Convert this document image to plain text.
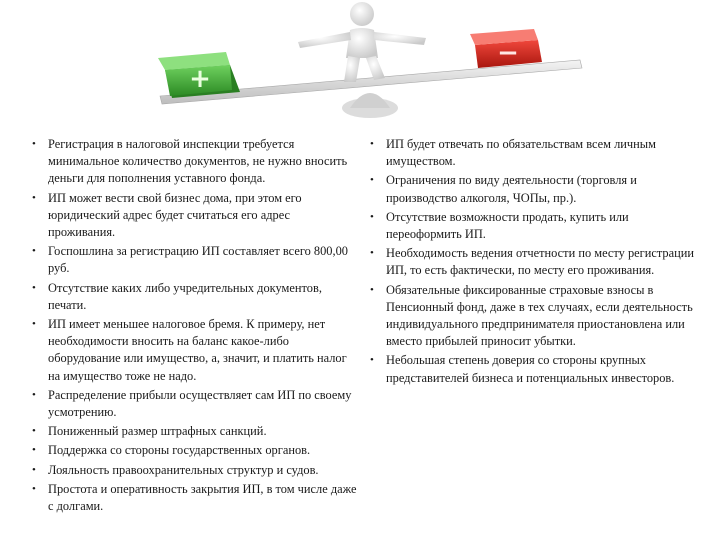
+
−
• Регистрация в налоговой инспекции требуется минимальное количество документов, не нужно вносить деньги для пополнения уставного фонда.
• ИП может вести свой бизнес дома, при этом его юридический адрес будет считаться его адрес проживания.
• Госпошлина за регистрацию ИП составляет всего 800,00 руб.
• Отсутствие каких либо учредительных документов, печати.
• ИП имеет меньшее налоговое бремя. К примеру, нет необходимости вносить на баланс какое-либо оборудование или имущество, а, значит, и платить налог на имущество тоже не надо.
• Распределение прибыли осуществляет сам ИП по своему усмотрению.
• Пониженный размер штрафных санкций.
• Поддержка со стороны государственных органов.
• Лояльность правоохранительных структур и судов.
• Простота и оперативность закрытия ИП, в том числе даже с долгами.
• ИП будет отвечать по обязательствам всем личным имуществом.
• Ограничения по виду деятельности (торговля и производство алкоголя, ЧОПы, пр.).
• Отсутствие возможности продать, купить или переоформить ИП.
• Необходимость ведения отчетности по месту регистрации ИП, то есть фактически, по месту его проживания.
• Обязательные фиксированные страховые взносы в Пенсионный фонд, даже в тех случаях, если деятельность индивидуального предпринимателя приостановлена или вместо прибылей приносит убытки.
• Небольшая степень доверия со стороны крупных представителей бизнеса и потенциальных инвесторов.
